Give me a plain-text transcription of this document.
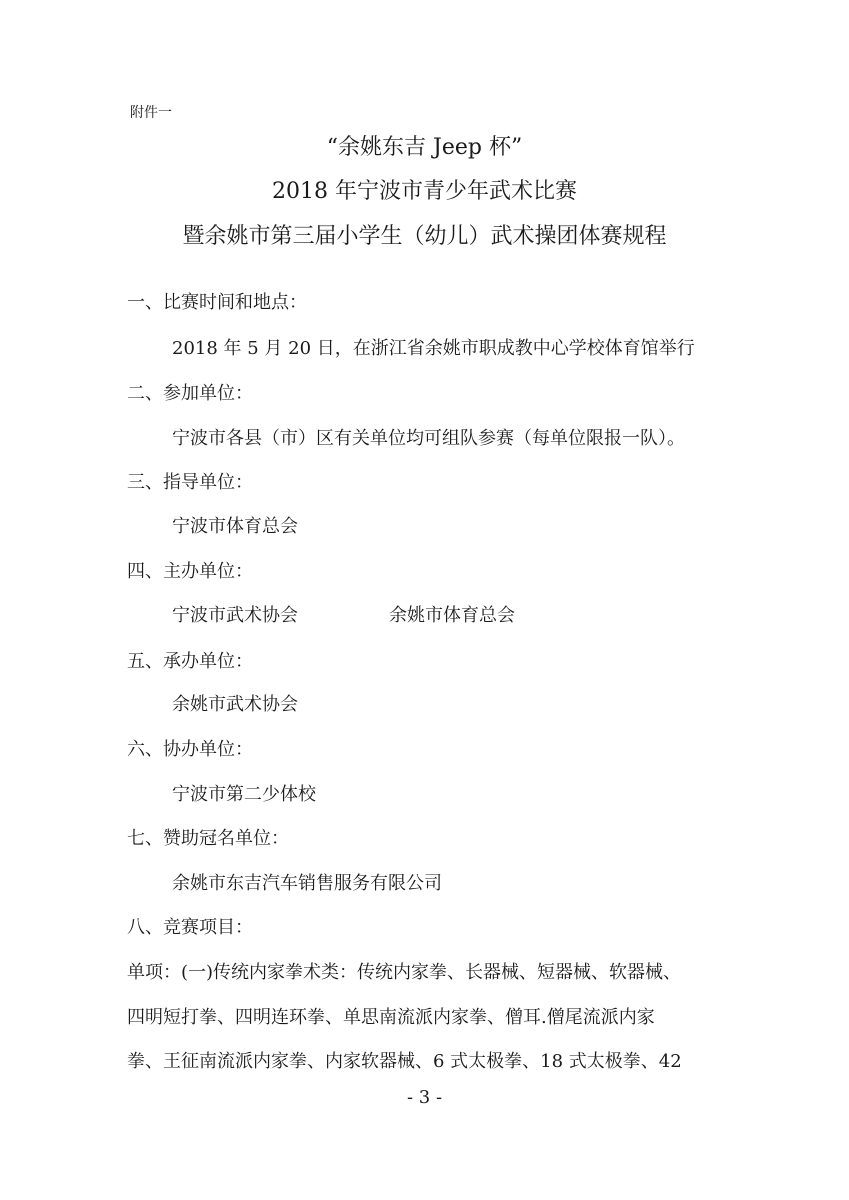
附件一
“余姚东吉 Jeep 杯”
2018 年宁波市青少年武术比赛
暨余姚市第三届小学生（幼儿）武术操团体赛规程
一、比赛时间和地点：
2018 年 5 月 20 日，在浙江省余姚市职成教中心学校体育馆举行
二、参加单位：
宁波市各县（市）区有关单位均可组队参赛（每单位限报一队）。
三、指导单位：
宁波市体育总会
四、主办单位：
宁波市武术协会	余姚市体育总会
五、承办单位：
余姚市武术协会
六、协办单位：
宁波市第二少体校
七、赞助冠名单位：
余姚市东吉汽车销售服务有限公司
八、竞赛项目：
单项：(一)传统内家拳术类：传统内家拳、长器械、短器械、软器械、
四明短打拳、四明连环拳、单思南流派内家拳、僧耳.僧尾流派内家
拳、王征南流派内家拳、内家软器械、6 式太极拳、18 式太极拳、42
- 3 -
